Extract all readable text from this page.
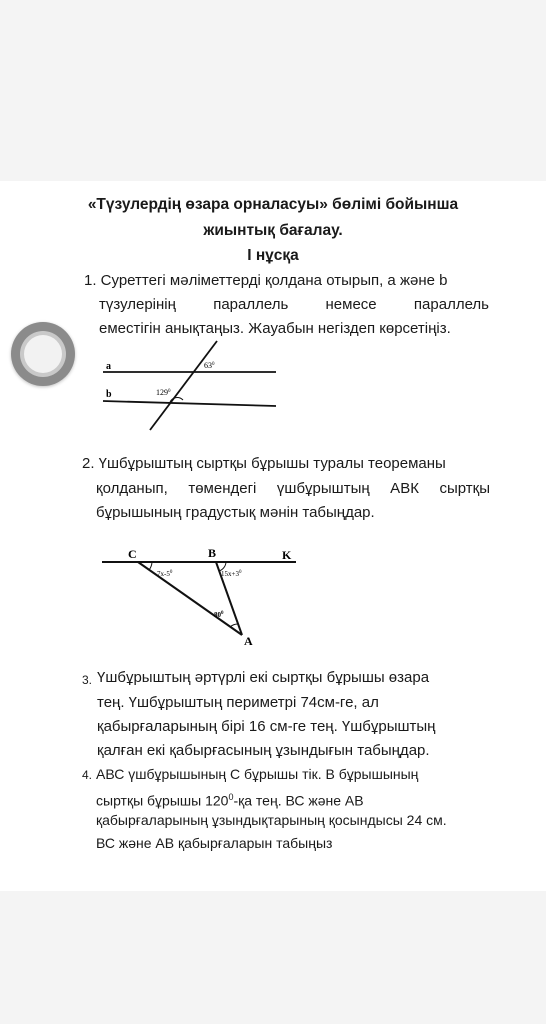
«Түзулердің өзара орналасуы» бөлімі бойынша
жиынтық бағалау.
I нұсқа
1. Суреттегі мәліметтерді қолдана отырып, a және b
түзулерінің параллель немесе параллель
еместігін анықтаңыз. Жауабын негіздеп көрсетіңіз.
a
b
$63^0$
$129^0$
2. Үшбұрыштың сыртқы бұрышы туралы теореманы
қолданып, төмендегі үшбұрыштың АВК сыртқы
бұрышының градустық мәнін табыңдар.
C	B	K
A
$7x-5^0$	$15x+3^0$
$80^0$
3. Үшбұрыштың әртүрлі екі сыртқы бұрышы өзара
тең. Үшбұрыштың периметрі 74см-ге, ал
қабырғаларының бірі 16 см-ге тең. Үшбұрыштың
қалған екі қабырғасының ұзындығын табыңдар.
4. АВС үшбұрышының С бұрышы тік. В бұрышының
сыртқы бұрышы $120^0-қа$ тең. ВС және АВ
қабырғаларының ұзындықтарының қосындысы 24 см.
ВС және АВ қабырғаларын табыңыз
